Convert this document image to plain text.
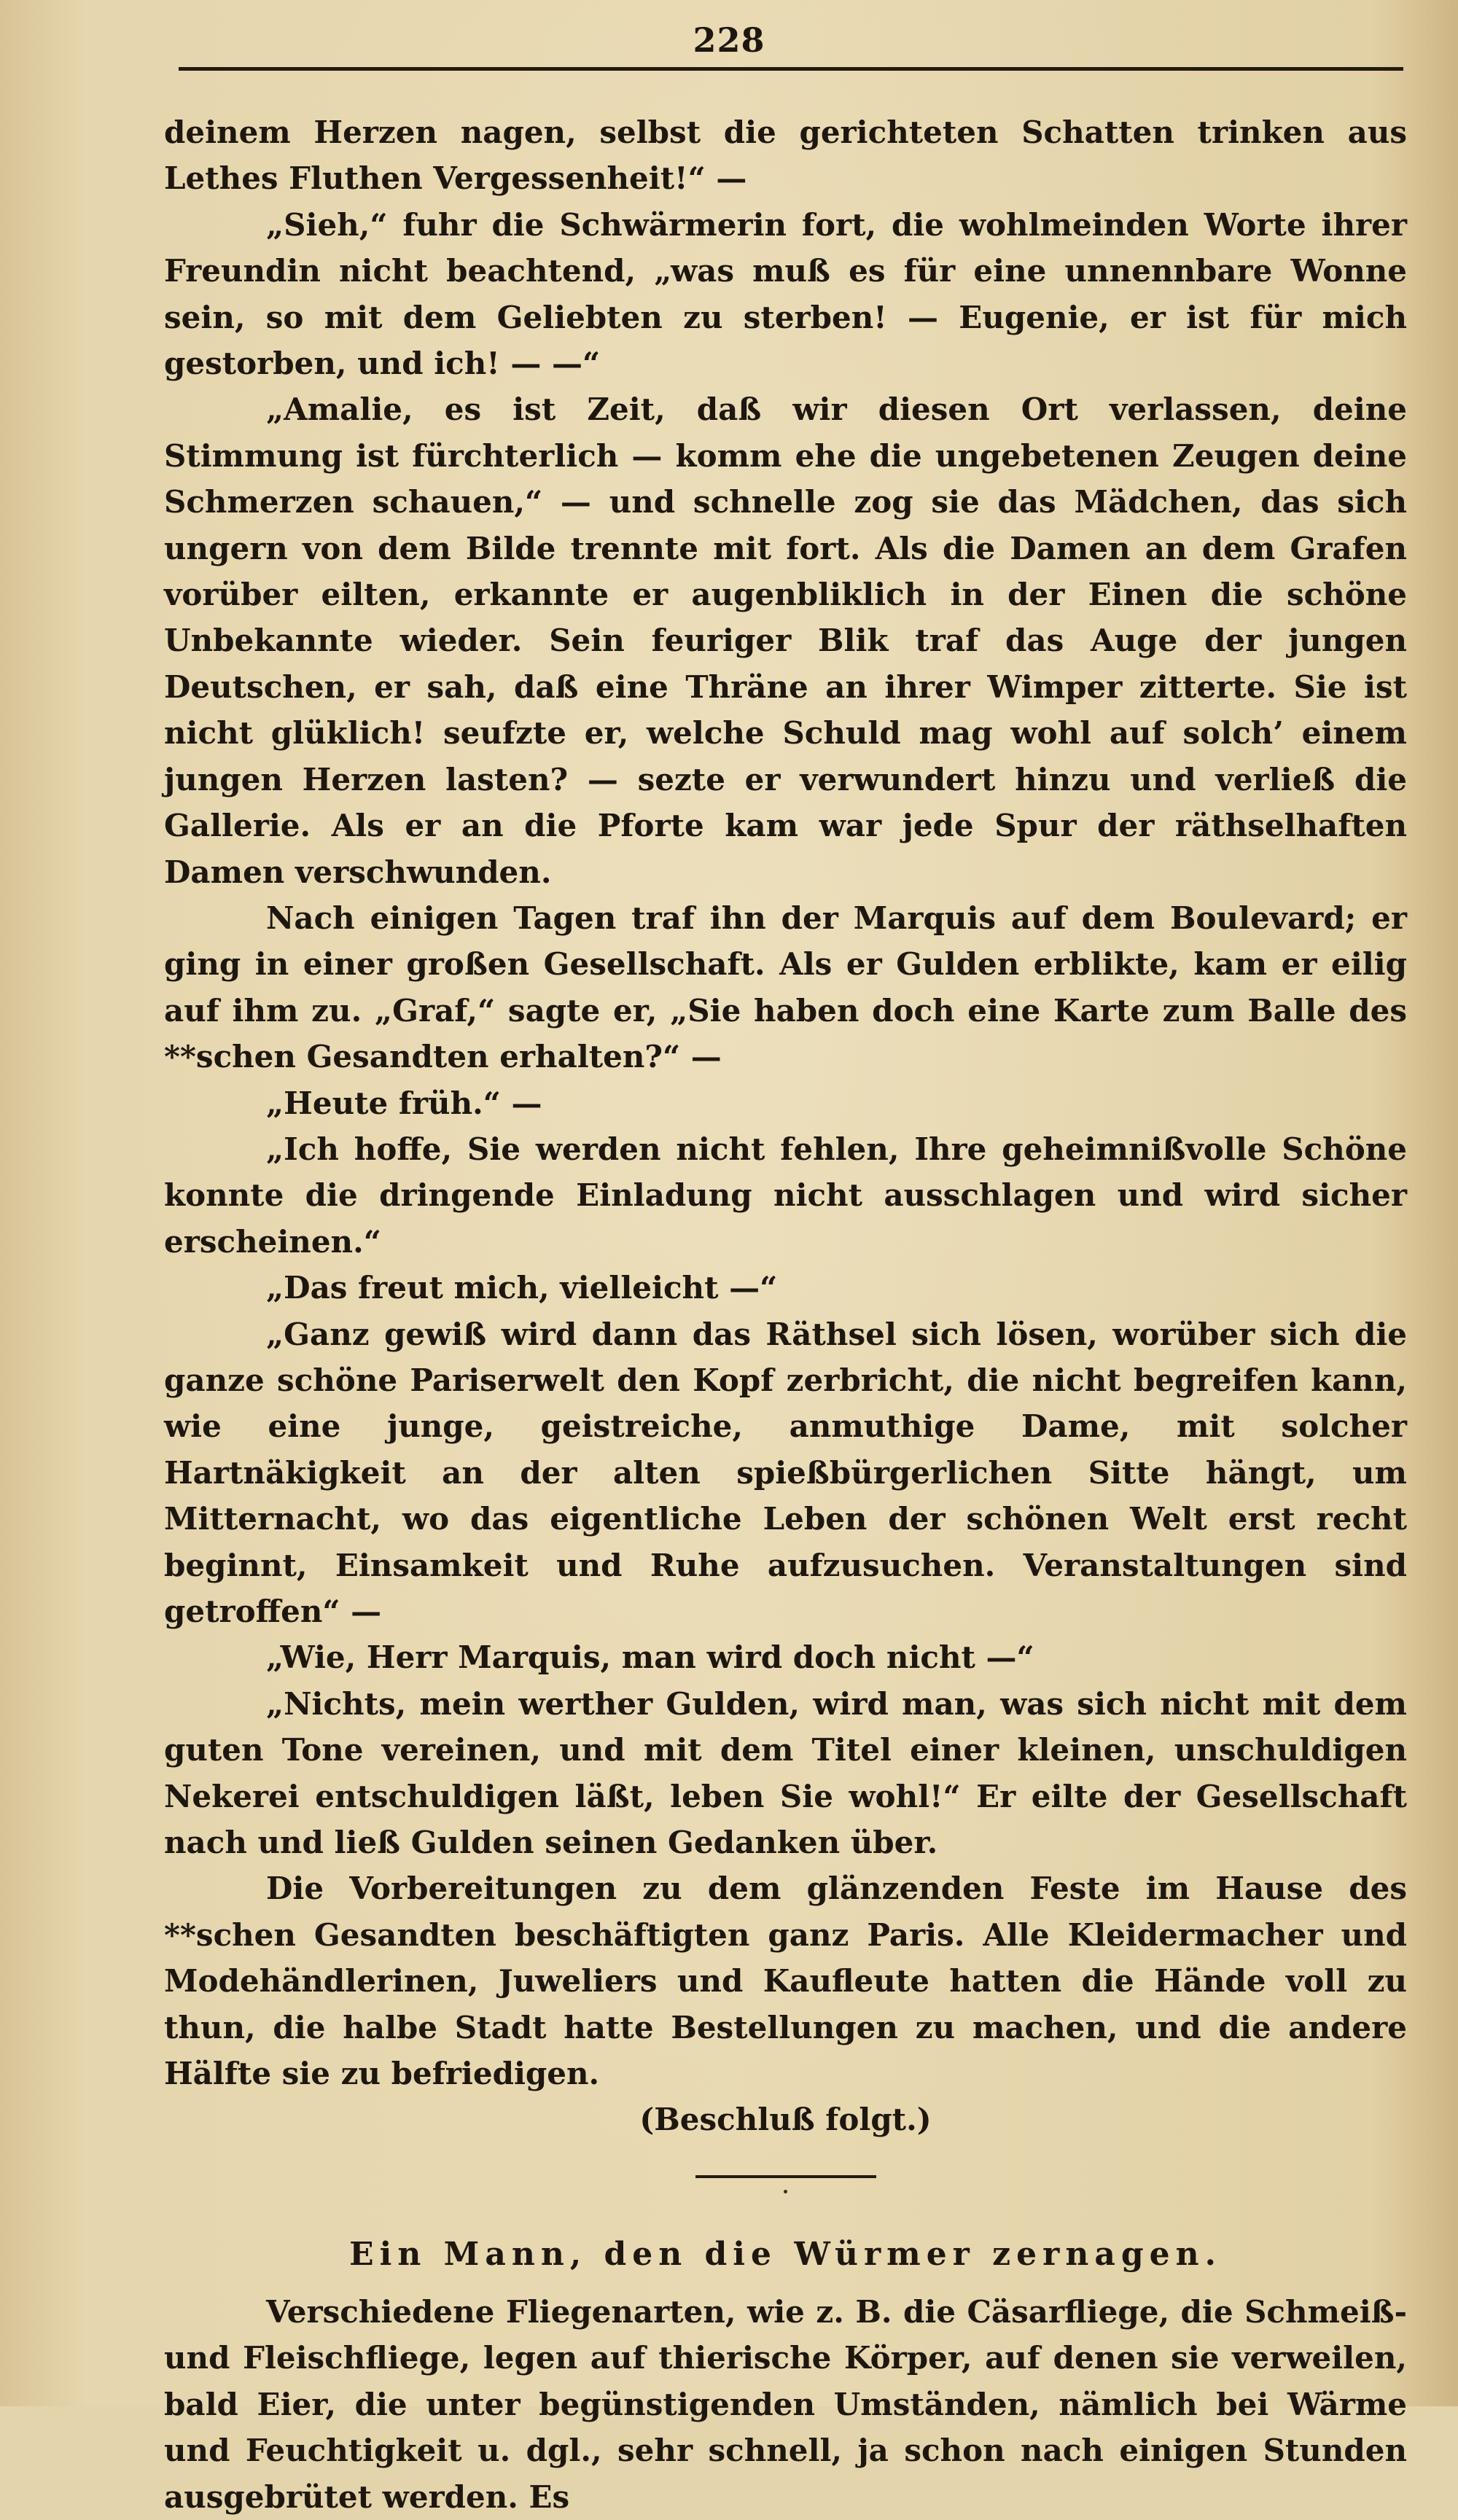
228

deinem Herzen nagen, selbst die gerichteten Schatten trinken aus Lethes Fluthen Vergessenheit!“ —

„Sieh,“ fuhr die Schwärmerin fort, die wohlmeinden Worte ihrer Freundin nicht beachtend, „was muß es für eine unnennbare Wonne sein, so mit dem Geliebten zu sterben! — Eugenie, er ist für mich gestorben, und ich! — —“

„Amalie, es ist Zeit, daß wir diesen Ort verlassen, deine Stimmung ist fürchterlich — komm ehe die ungebetenen Zeugen deine Schmerzen schauen,“ — und schnelle zog sie das Mädchen, das sich ungern von dem Bilde trennte mit fort. Als die Damen an dem Grafen vorüber eilten, erkannte er augenbliklich in der Einen die schöne Unbekannte wieder. Sein feuriger Blik traf das Auge der jungen Deutschen, er sah, daß eine Thräne an ihrer Wimper zitterte. Sie ist nicht glüklich! seufzte er, welche Schuld mag wohl auf solch’ einem jungen Herzen lasten? — sezte er verwundert hinzu und verließ die Gallerie. Als er an die Pforte kam war jede Spur der räthselhaften Damen verschwunden.

Nach einigen Tagen traf ihn der Marquis auf dem Boulevard; er ging in einer großen Gesellschaft. Als er Gulden erblikte, kam er eilig auf ihm zu. „Graf,“ sagte er, „Sie haben doch eine Karte zum Balle des **schen Gesandten erhalten?“ —

„Heute früh.“ —

„Ich hoffe, Sie werden nicht fehlen, Ihre geheimnißvolle Schöne konnte die dringende Einladung nicht ausschlagen und wird sicher erscheinen.“

„Das freut mich, vielleicht —“

„Ganz gewiß wird dann das Räthsel sich lösen, worüber sich die ganze schöne Pariserwelt den Kopf zerbricht, die nicht begreifen kann, wie eine junge, geistreiche, anmuthige Dame, mit solcher Hartnäkigkeit an der alten spießbürgerlichen Sitte hängt, um Mitternacht, wo das eigentliche Leben der schönen Welt erst recht beginnt, Einsamkeit und Ruhe aufzusuchen. Veranstaltungen sind getroffen“ —

„Wie, Herr Marquis, man wird doch nicht —“

„Nichts, mein werther Gulden, wird man, was sich nicht mit dem guten Tone vereinen, und mit dem Titel einer kleinen, unschuldigen Nekerei entschuldigen läßt, leben Sie wohl!“ Er eilte der Gesellschaft nach und ließ Gulden seinen Gedanken über.

Die Vorbereitungen zu dem glänzenden Feste im Hause des **schen Gesandten beschäftigten ganz Paris. Alle Kleidermacher und Modehändlerinen, Juweliers und Kaufleute hatten die Hände voll zu thun, die halbe Stadt hatte Bestellungen zu machen, und die andere Hälfte sie zu befriedigen.

(Beschluß folgt.)

Ein Mann, den die Würmer zernagen.

Verschiedene Fliegenarten, wie z. B. die Cäsarfliege, die Schmeiß- und Fleischfliege, legen auf thierische Körper, auf denen sie verweilen, bald Eier, die unter begünstigenden Umständen, nämlich bei Wärme und Feuchtigkeit u. dgl., sehr schnell, ja schon nach einigen Stunden ausgebrütet werden. Es
